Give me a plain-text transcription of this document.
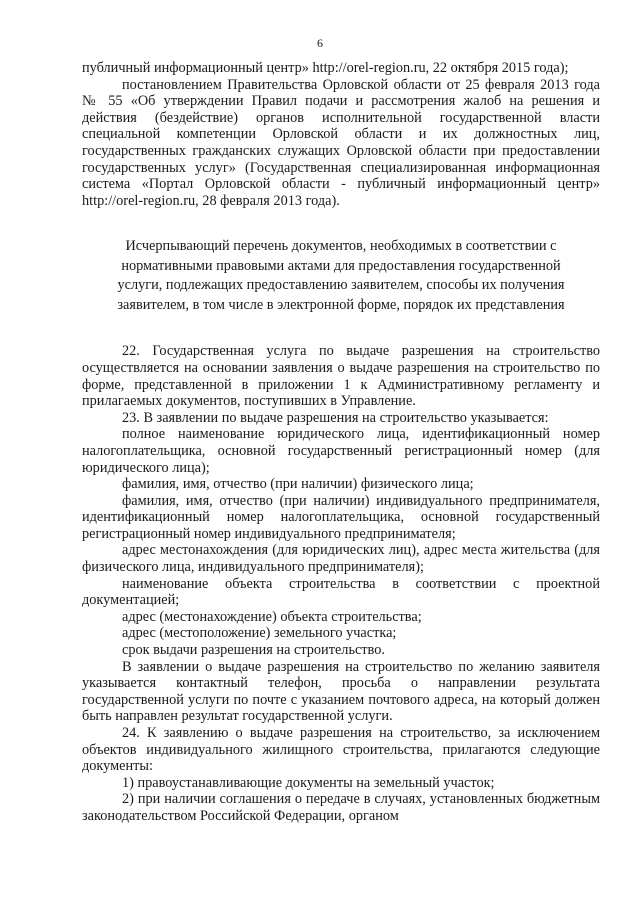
6

публичный информационный центр» http://orel-region.ru, 22 октября 2015 года);

постановлением Правительства Орловской области от 25 февраля 2013 года № 55 «Об утверждении Правил подачи и рассмотрения жалоб на решения и действия (бездействие) органов исполнительной государственной власти специальной компетенции Орловской области и их должностных лиц, государственных гражданских служащих Орловской области при предоставлении государственных услуг» (Государственная специализированная информационная система «Портал Орловской области - публичный информационный центр» http://orel-region.ru, 28 февраля 2013 года).

Исчерпывающий перечень документов, необходимых в соответствии с нормативными правовыми актами для предоставления государственной услуги, подлежащих предоставлению заявителем, способы их получения заявителем, в том числе в электронной форме, порядок их представления

22. Государственная услуга по выдаче разрешения на строительство осуществляется на основании заявления о выдаче разрешения на строительство по форме, представленной в приложении 1 к Административному регламенту и прилагаемых документов, поступивших в Управление.

23. В заявлении по выдаче разрешения на строительство указывается:

полное наименование юридического лица, идентификационный номер налогоплательщика, основной государственный регистрационный номер (для юридического лица);

фамилия, имя, отчество (при наличии) физического лица;

фамилия, имя, отчество (при наличии) индивидуального предпринимателя, идентификационный номер налогоплательщика, основной государственный регистрационный номер индивидуального предпринимателя;

адрес местонахождения (для юридических лиц), адрес места жительства (для физического лица, индивидуального предпринимателя);

наименование объекта строительства в соответствии с проектной документацией;

адрес (местонахождение) объекта строительства;

адрес (местоположение) земельного участка;

срок выдачи разрешения на строительство.

В заявлении о выдаче разрешения на строительство по желанию заявителя указывается контактный телефон, просьба о направлении результата государственной услуги по почте с указанием почтового адреса, на который должен быть направлен результат государственной услуги.

24. К заявлению о выдаче разрешения на строительство, за исключением объектов индивидуального жилищного строительства, прилагаются следующие документы:

1) правоустанавливающие документы на земельный участок;

2) при наличии соглашения о передаче в случаях, установленных бюджетным законодательством Российской Федерации, органом
